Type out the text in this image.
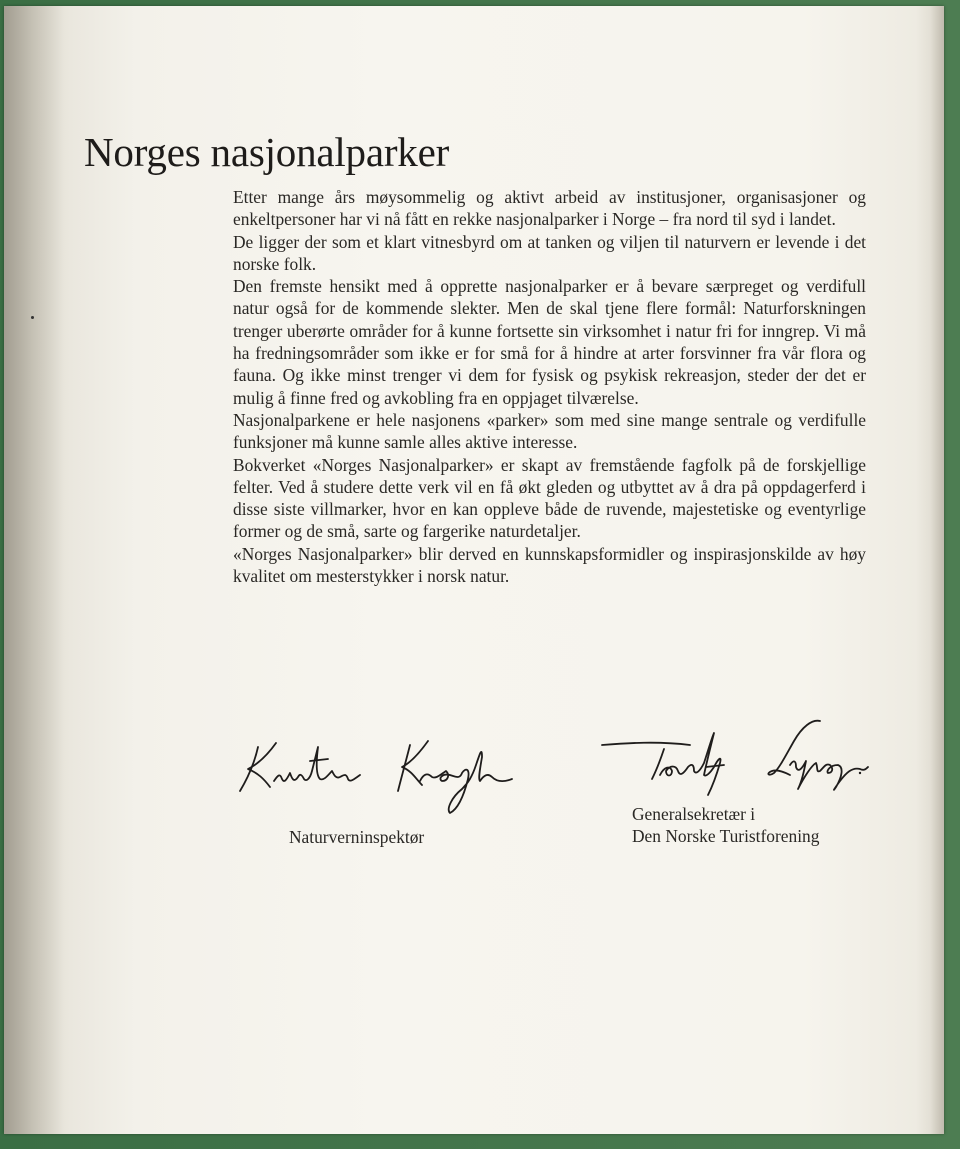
Norges nasjonalparker

Etter mange års møysommelig og aktivt arbeid av institusjoner, organisasjoner og enkeltpersoner har vi nå fått en rekke nasjonalparker i Norge – fra nord til syd i landet.

De ligger der som et klart vitnesbyrd om at tanken og viljen til naturvern er levende i det norske folk.

Den fremste hensikt med å opprette nasjonalparker er å bevare særpreget og verdifull natur også for de kommende slekter. Men de skal tjene flere formål: Naturforskningen trenger uberørte områder for å kunne fortsette sin virksomhet i natur fri for inngrep. Vi må ha fredningsområder som ikke er for små for å hindre at arter forsvinner fra vår flora og fauna. Og ikke minst trenger vi dem for fysisk og psykisk rekreasjon, steder der det er mulig å finne fred og avkobling fra en oppjaget tilværelse.

Nasjonalparkene er hele nasjonens «parker» som med sine mange sentrale og verdifulle funksjoner må kunne samle alles aktive interesse.

Bokverket «Norges Nasjonalparker» er skapt av fremstående fagfolk på de forskjellige felter. Ved å studere dette verk vil en få økt gleden og utbyttet av å dra på oppdagerferd i disse siste villmarker, hvor en kan oppleve både de ruvende, majestetiske og eventyrlige former og de små, sarte og fargerike naturdetaljer.

«Norges Nasjonalparker» blir derved en kunnskapsformidler og inspirasjonskilde av høy kvalitet om mesterstykker i norsk natur.

Naturverninspektør

Generalsekretær i
Den Norske Turistforening
